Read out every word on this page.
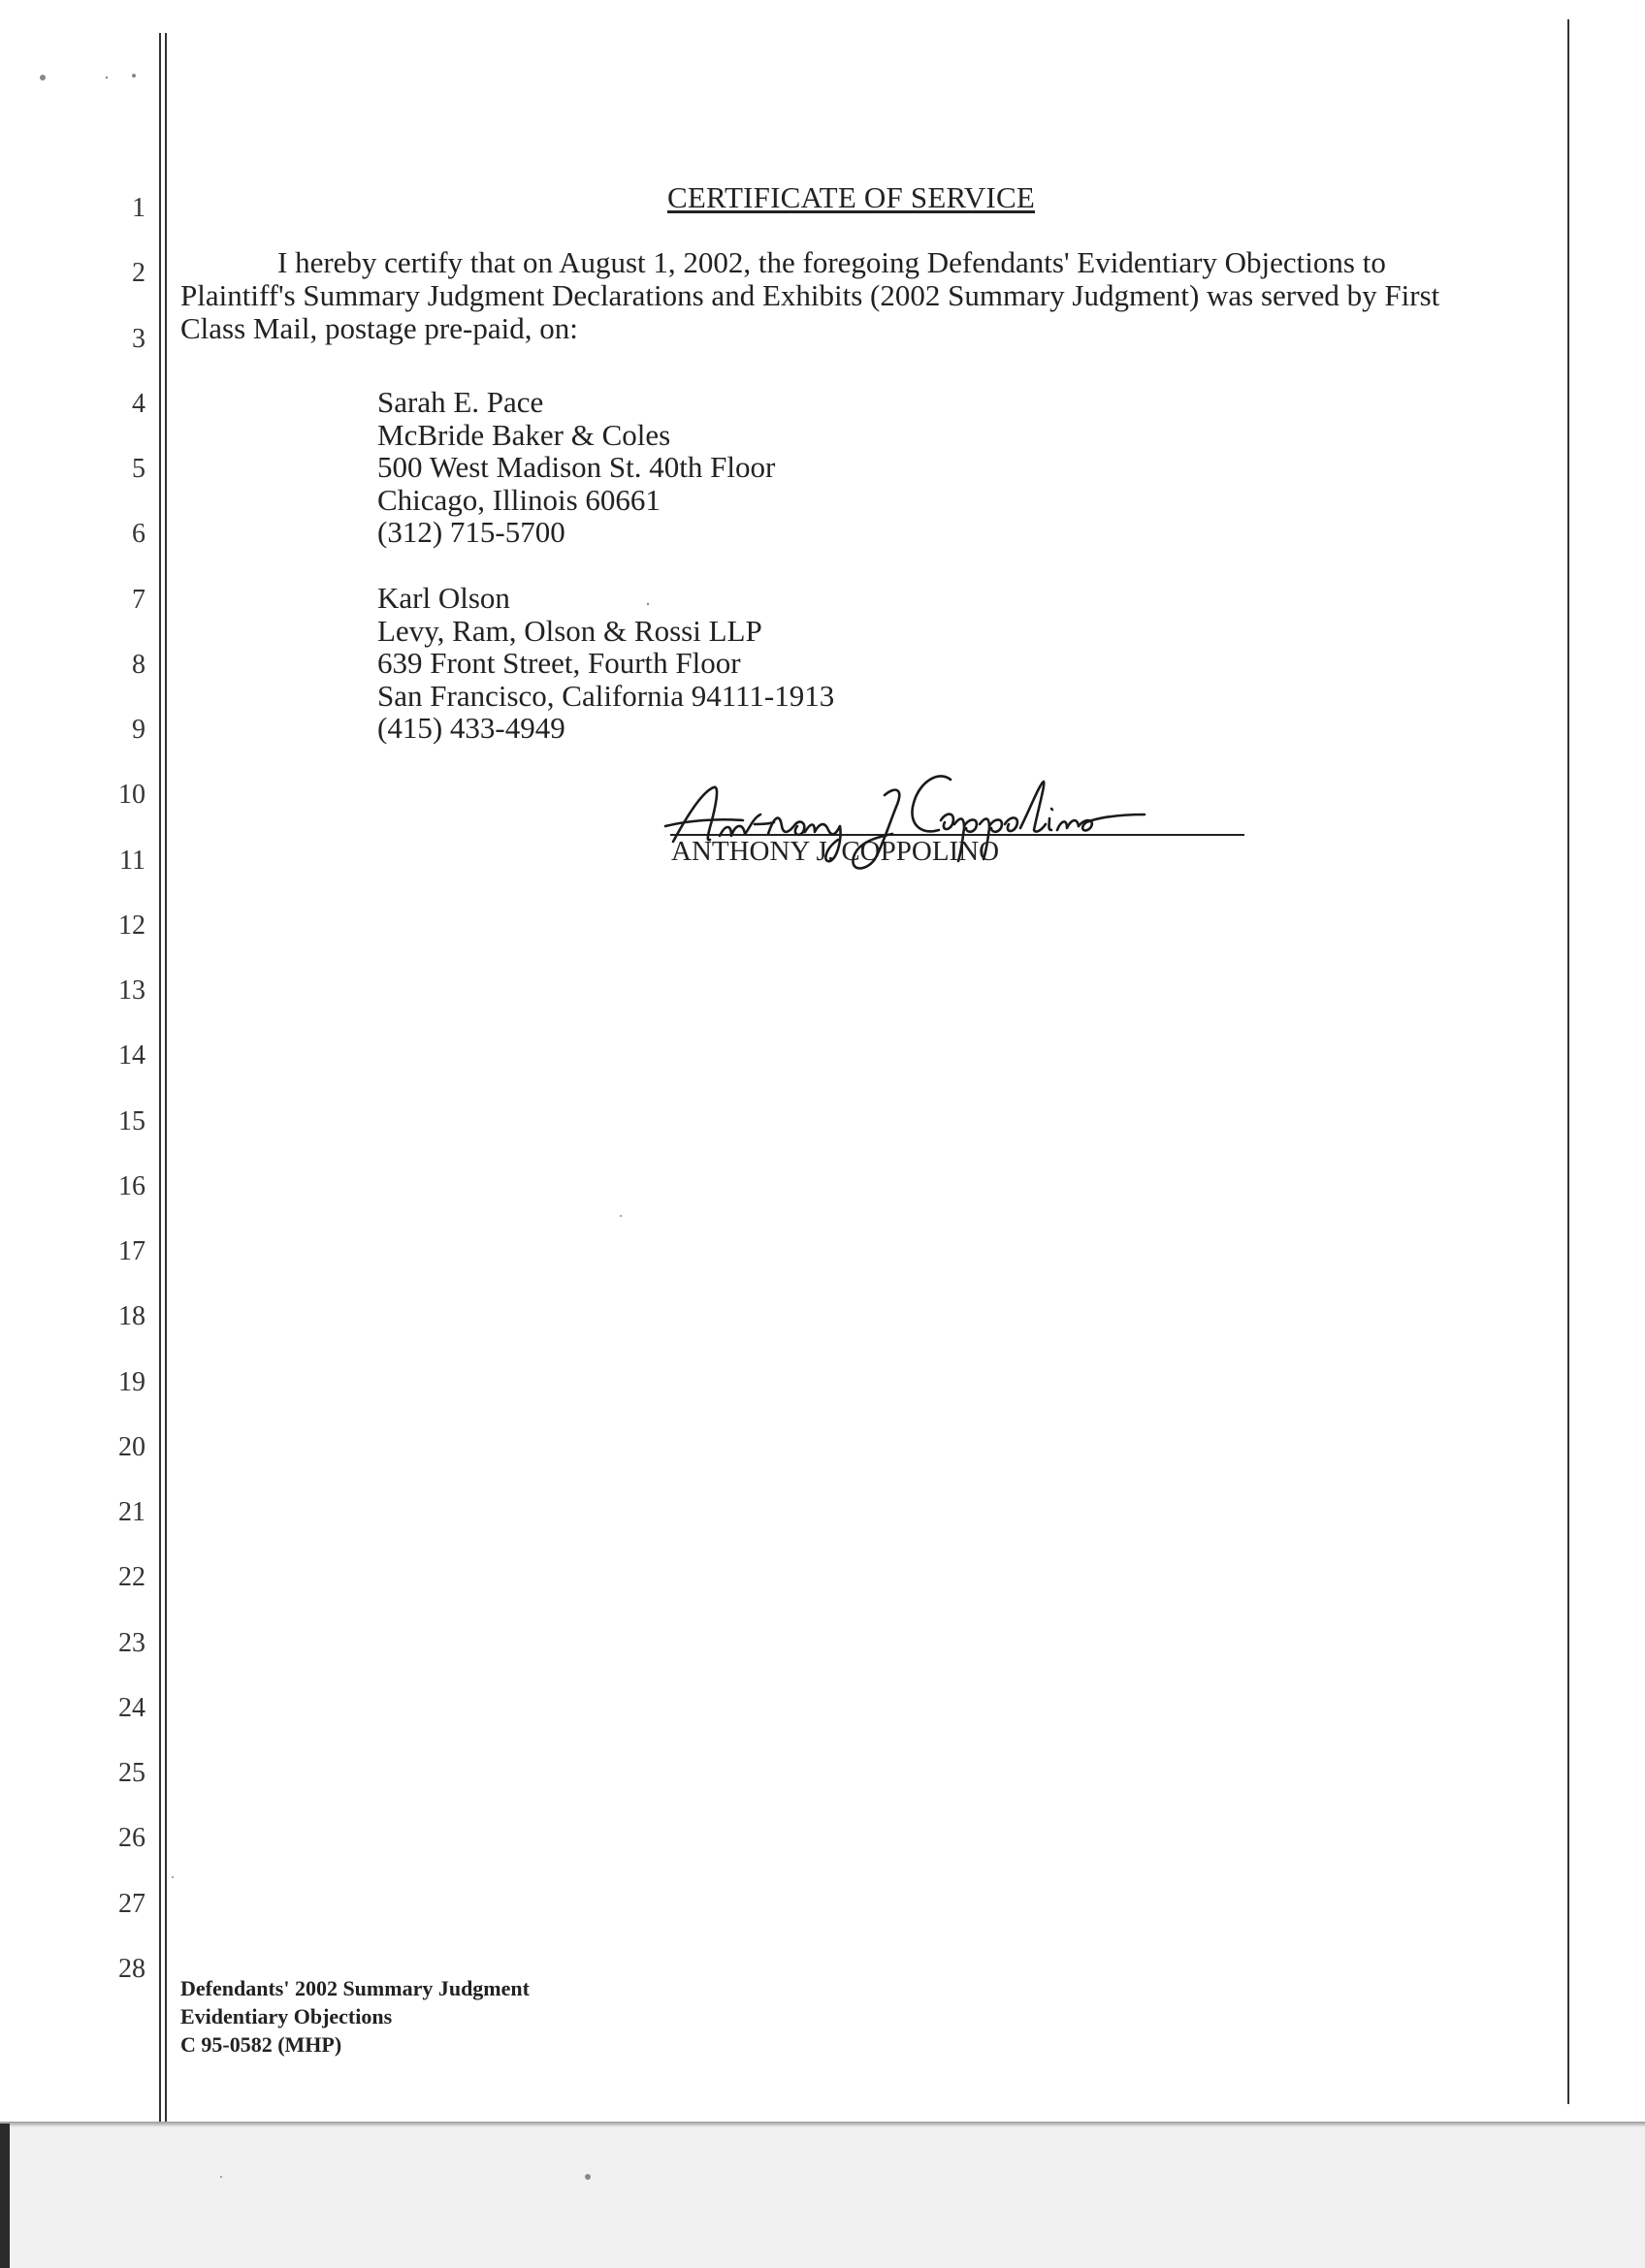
1
2
3
4
5
6
7
8
9
10
11
12
13
14
15
16
17
18
19
20
21
22
23
24
25
26
27
28
CERTIFICATE OF SERVICE
I hereby certify that on August 1, 2002, the foregoing Defendants' Evidentiary Objections to
Plaintiff's Summary Judgment Declarations and Exhibits (2002 Summary Judgment) was served by First
Class Mail, postage pre-paid, on:
Sarah E. Pace
McBride Baker & Coles
500 West Madison St. 40th Floor
Chicago, Illinois 60661
(312) 715-5700
Karl Olson
Levy, Ram, Olson & Rossi LLP
639 Front Street, Fourth Floor
San Francisco, California 94111-1913
(415) 433-4949
ANTHONY J. COPPOLINO
Defendants' 2002 Summary Judgment
Evidentiary Objections
C 95-0582 (MHP)
